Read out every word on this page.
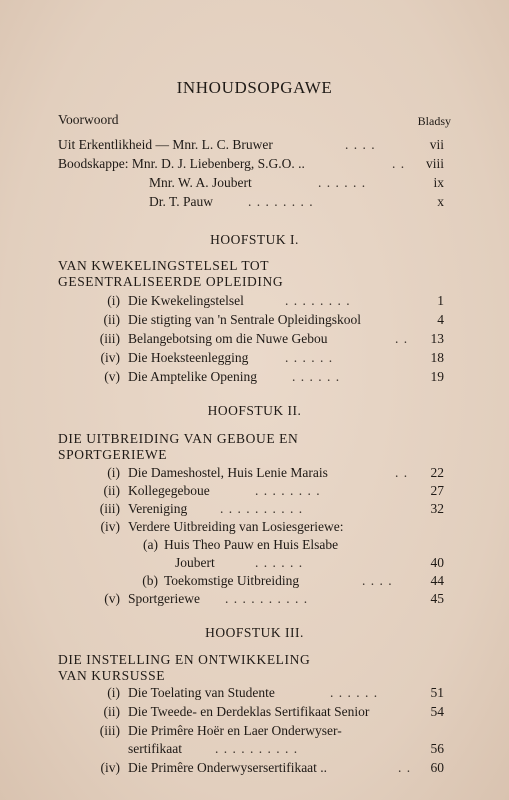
INHOUDSOPGAWE
Voorwoord	Bladsy
Uit Erkentlikheid — Mnr. L. C. Bruwer	. . . .	vii
Boodskappe: Mnr. D. J. Liebenberg, S.G.O. ..	. . viii
Mnr. W. A. Joubert	. . . . . .	ix
Dr. T. Pauw	. . . . . . . .	x
HOOFSTUK I.
VAN KWEKELINGSTELSEL TOT
GESENTRALISEERDE OPLEIDING
(i) Die Kwekelingstelsel	. . . . . . . .	1
(ii) Die stigting van 'n Sentrale Opleidingskool	4
(iii) Belangebotsing om die Nuwe Gebou	. . 13
(iv) Die Hoeksteenlegging	. . . . . .	18
(v) Die Amptelike Opening	. . . . . .	19
HOOFSTUK II.
DIE UITBREIDING VAN GEBOUE EN
SPORTGERIEWE
(i) Die Dameshostel, Huis Lenie Marais	. . 22
(ii) Kollegegeboue	. . . . . . . .	27
(iii) Vereniging . . . . . . . . . .	32
(iv) Verdere Uitbreiding van Losiesgeriewe:
(a) Huis Theo Pauw en Huis Elsabe
Joubert	. . . . . .	40
(b) Toekomstige Uitbreiding	. . . .	44
(v) Sportgeriewe . . . . . . . . . .	45
HOOFSTUK III.
DIE INSTELLING EN ONTWIKKELING
VAN KURSUSSE
(i) Die Toelating van Studente	. . . . . .	51
(ii) Die Tweede- en Derdeklas Sertifikaat Senior	54
(iii) Die Primêre Hoër en Laer Onderwyser-
sertifikaat . . . . . . . . . .	56
(iv) Die Primêre Onderwysersertifikaat ..	. . 60
